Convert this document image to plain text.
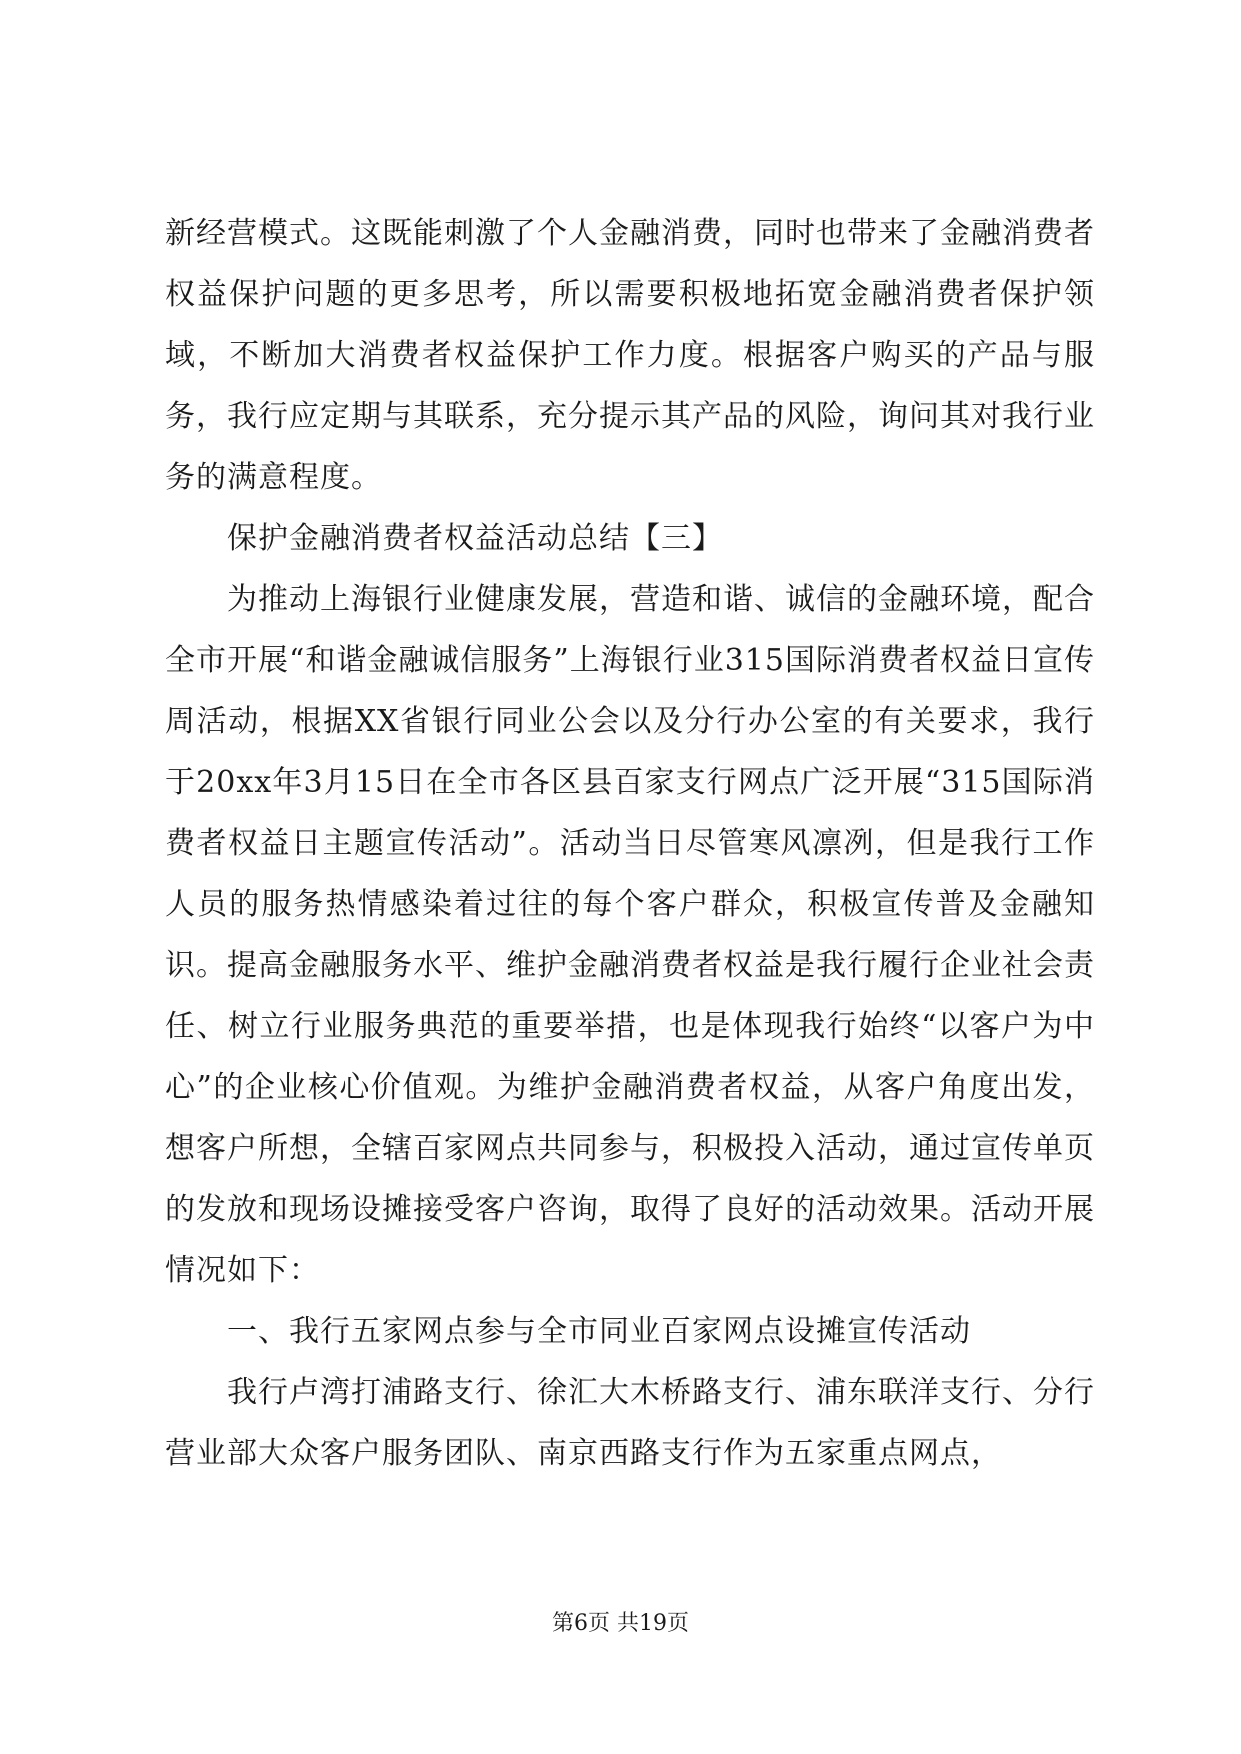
新经营模式。这既能刺激了个人金融消费，同时也带来了金融消费者权益保护问题的更多思考，所以需要积极地拓宽金融消费者保护领域，不断加大消费者权益保护工作力度。根据客户购买的产品与服务，我行应定期与其联系，充分提示其产品的风险，询问其对我行业务的满意程度。

保护金融消费者权益活动总结【三】

为推动上海银行业健康发展，营造和谐、诚信的金融环境，配合全市开展“和谐金融诚信服务”上海银行业315国际消费者权益日宣传周活动，根据XX省银行同业公会以及分行办公室的有关要求，我行于20xx年3月15日在全市各区县百家支行网点广泛开展“315国际消费者权益日主题宣传活动”。活动当日尽管寒风凛冽，但是我行工作人员的服务热情感染着过往的每个客户群众，积极宣传普及金融知识。提高金融服务水平、维护金融消费者权益是我行履行企业社会责任、树立行业服务典范的重要举措，也是体现我行始终“以客户为中心”的企业核心价值观。为维护金融消费者权益，从客户角度出发，想客户所想，全辖百家网点共同参与，积极投入活动，通过宣传单页的发放和现场设摊接受客户咨询，取得了良好的活动效果。活动开展情况如下：

一、我行五家网点参与全市同业百家网点设摊宣传活动

我行卢湾打浦路支行、徐汇大木桥路支行、浦东联洋支行、分行营业部大众客户服务团队、南京西路支行作为五家重点网点，

第6页 共19页
